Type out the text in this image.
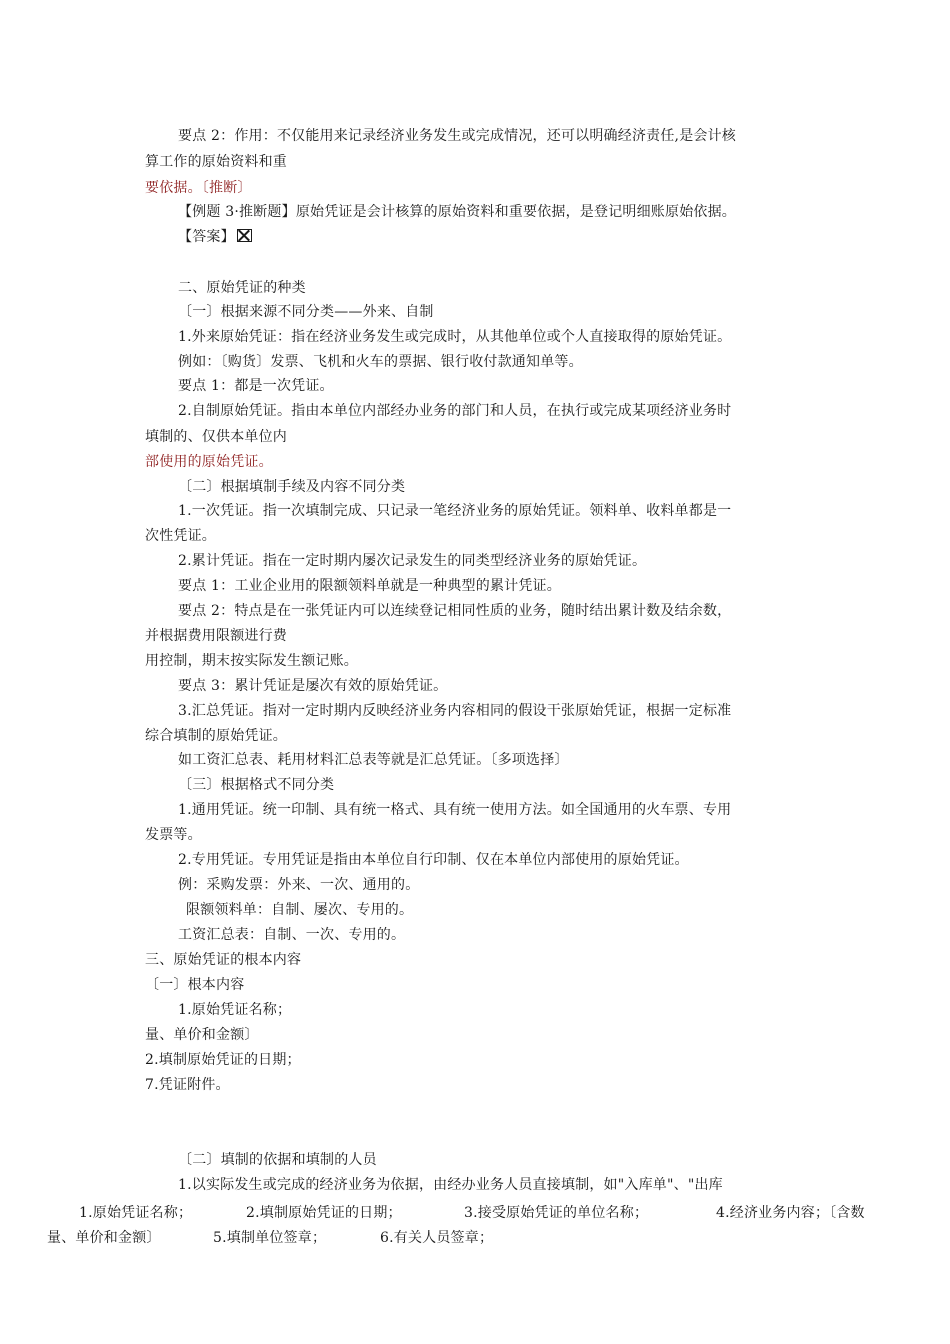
要点 2：作用：不仅能用来记录经济业务发生或完成情况，还可以明确经济责任,是会计核
算工作的原始资料和重
要依据。〔推断〕
【例题 3·推断题】原始凭证是会计核算的原始资料和重要依据，是登记明细账原始依据。
【答案】
二、原始凭证的种类
〔一〕根据来源不同分类——外来、自制
1.外来原始凭证：指在经济业务发生或完成时，从其他单位或个人直接取得的原始凭证。
例如：〔购货〕发票、飞机和火车的票据、银行收付款通知单等。
要点 1：都是一次凭证。
2.自制原始凭证。指由本单位内部经办业务的部门和人员，在执行或完成某项经济业务时
填制的、仅供本单位内
部使用的原始凭证。
〔二〕根据填制手续及内容不同分类
1.一次凭证。指一次填制完成、只记录一笔经济业务的原始凭证。领料单、收料单都是一
次性凭证。
2.累计凭证。指在一定时期内屡次记录发生的同类型经济业务的原始凭证。
要点 1：工业企业用的限额领料单就是一种典型的累计凭证。
要点 2：特点是在一张凭证内可以连续登记相同性质的业务，随时结出累计数及结余数，
并根据费用限额进行费
用控制，期末按实际发生额记账。
要点 3：累计凭证是屡次有效的原始凭证。
3.汇总凭证。指对一定时期内反映经济业务内容相同的假设干张原始凭证，根据一定标准
综合填制的原始凭证。
如工资汇总表、耗用材料汇总表等就是汇总凭证。〔多项选择〕
〔三〕根据格式不同分类
1.通用凭证。统一印制、具有统一格式、具有统一使用方法。如全国通用的火车票、专用
发票等。
2.专用凭证。专用凭证是指由本单位自行印制、仅在本单位内部使用的原始凭证。
例：采购发票：外来、一次、通用的。
限额领料单：自制、屡次、专用的。
工资汇总表：自制、一次、专用的。
三、原始凭证的根本内容
〔一〕根本内容
1.原始凭证名称；
量、单价和金额〕
2.填制原始凭证的日期；
7.凭证附件。
〔二〕填制的依据和填制的人员
1.以实际发生或完成的经济业务为依据，由经办业务人员直接填制，如"入库单"、"出库
1.原始凭证名称；	2.填制原始凭证的日期；	3.接受原始凭证的单位名称；	4.经济业务内容；〔含数
量、单价和金额〕	5.填制单位签章；	6.有关人员签章；
